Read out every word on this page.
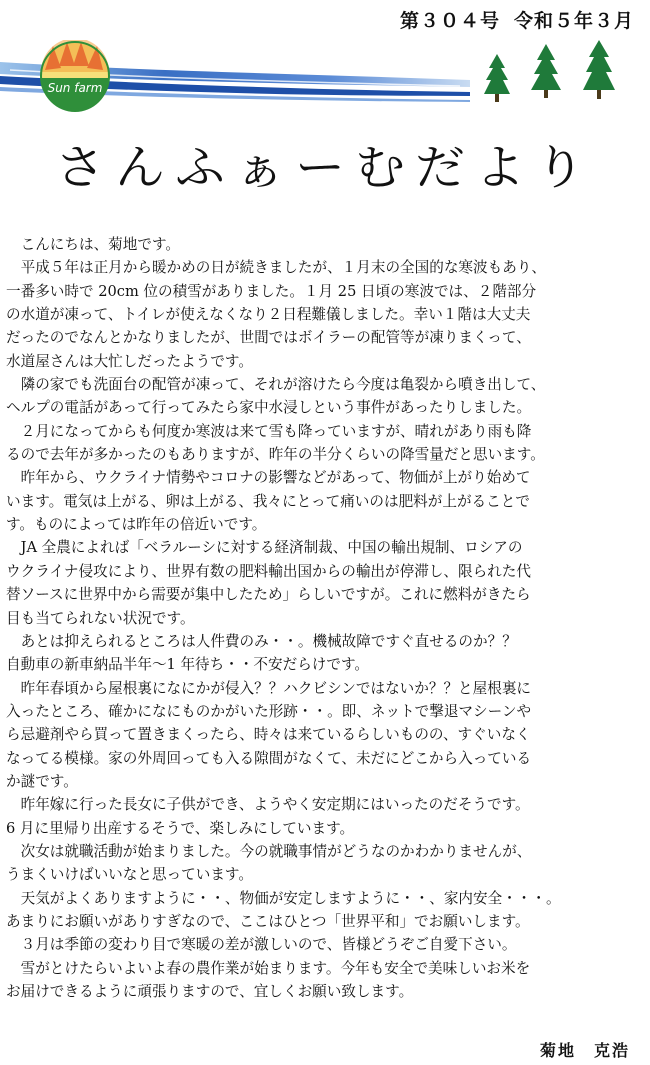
第３０４号 令和５年３月
Sun farm
さんふぁーむだより
　こんにちは、菊地です。
　平成５年は正月から暖かめの日が続きましたが、１月末の全国的な寒波もあり、
一番多い時で 20cm 位の積雪がありました。１月 25 日頃の寒波では、２階部分
の水道が凍って、トイレが使えなくなり２日程難儀しました。幸い１階は大丈夫
だったのでなんとかなりましたが、世間ではボイラーの配管等が凍りまくって、
水道屋さんは大忙しだったようです。
　隣の家でも洗面台の配管が凍って、それが溶けたら今度は亀裂から噴き出して、
ヘルプの電話があって行ってみたら家中水浸しという事件があったりしました。
　２月になってからも何度か寒波は来て雪も降っていますが、晴れがあり雨も降
るので去年が多かったのもありますが、昨年の半分くらいの降雪量だと思います。
　昨年から、ウクライナ情勢やコロナの影響などがあって、物価が上がり始めて
います。電気は上がる、卵は上がる、我々にとって痛いのは肥料が上がることで
す。ものによっては昨年の倍近いです。
　JA 全農によれば「ベラルーシに対する経済制裁、中国の輸出規制、ロシアの
ウクライナ侵攻により、世界有数の肥料輸出国からの輸出が停滞し、限られた代
替ソースに世界中から需要が集中したため」らしいですが。これに燃料がきたら
目も当てられない状況です。
　あとは抑えられるところは人件費のみ・・。機械故障ですぐ直せるのか？？
自動車の新車納品半年～1 年待ち・・不安だらけです。
　昨年春頃から屋根裏になにかが侵入？？ハクビシンではないか？？と屋根裏に
入ったところ、確かになにものかがいた形跡・・。即、ネットで撃退マシーンや
ら忌避剤やら買って置きまくったら、時々は来ているらしいものの、すぐいなく
なってる模様。家の外周回っても入る隙間がなくて、未だにどこから入っている
か謎です。
　昨年嫁に行った長女に子供ができ、ようやく安定期にはいったのだそうです。
6 月に里帰り出産するそうで、楽しみにしています。
　次女は就職活動が始まりました。今の就職事情がどうなのかわかりませんが、
うまくいけばいいなと思っています。
　天気がよくありますように・・、物価が安定しますように・・、家内安全・・・。
あまりにお願いがありすぎなので、ここはひとつ「世界平和」でお願いします。
　３月は季節の変わり目で寒暖の差が激しいので、皆様どうぞご自愛下さい。
　雪がとけたらいよいよ春の農作業が始まります。今年も安全で美味しいお米を
お届けできるように頑張りますので、宜しくお願い致します。
菊地　克浩
